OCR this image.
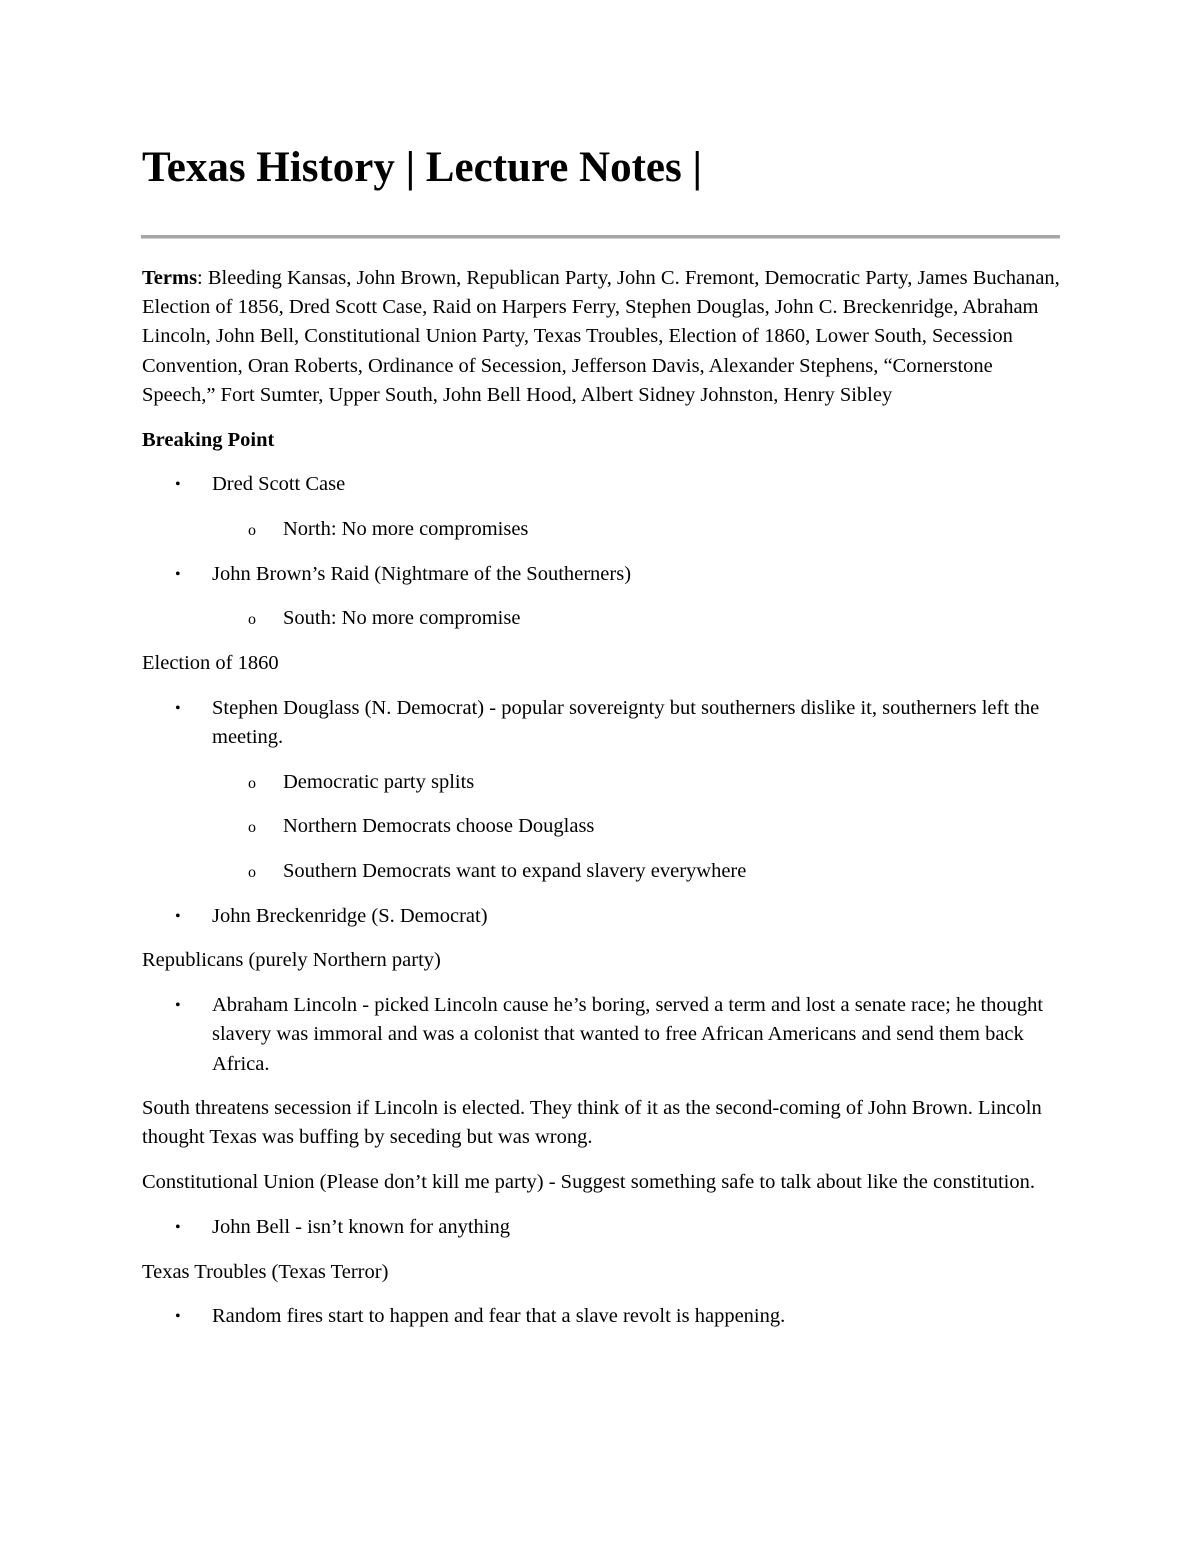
Texas History | Lecture Notes |

Terms: Bleeding Kansas, John Brown, Republican Party, John C. Fremont, Democratic Party, James Buchanan, Election of 1856, Dred Scott Case, Raid on Harpers Ferry, Stephen Douglas, John C. Breckenridge, Abraham Lincoln, John Bell, Constitutional Union Party, Texas Troubles, Election of 1860, Lower South, Secession Convention, Oran Roberts, Ordinance of Secession, Jefferson Davis, Alexander Stephens, “Cornerstone Speech,” Fort Sumter, Upper South, John Bell Hood, Albert Sidney Johnston, Henry Sibley

Breaking Point

• Dred Scott Case
o North: No more compromises
• John Brown’s Raid (Nightmare of the Southerners)
o South: No more compromise

Election of 1860

• Stephen Douglass (N. Democrat) - popular sovereignty but southerners dislike it, southerners left the meeting.
o Democratic party splits
o Northern Democrats choose Douglass
o Southern Democrats want to expand slavery everywhere
• John Breckenridge (S. Democrat)

Republicans (purely Northern party)

• Abraham Lincoln - picked Lincoln cause he’s boring, served a term and lost a senate race; he thought slavery was immoral and was a colonist that wanted to free African Americans and send them back Africa.

South threatens secession if Lincoln is elected. They think of it as the second-coming of John Brown. Lincoln thought Texas was buffing by seceding but was wrong.

Constitutional Union (Please don’t kill me party) - Suggest something safe to talk about like the constitution.

• John Bell - isn’t known for anything

Texas Troubles (Texas Terror)

• Random fires start to happen and fear that a slave revolt is happening.
